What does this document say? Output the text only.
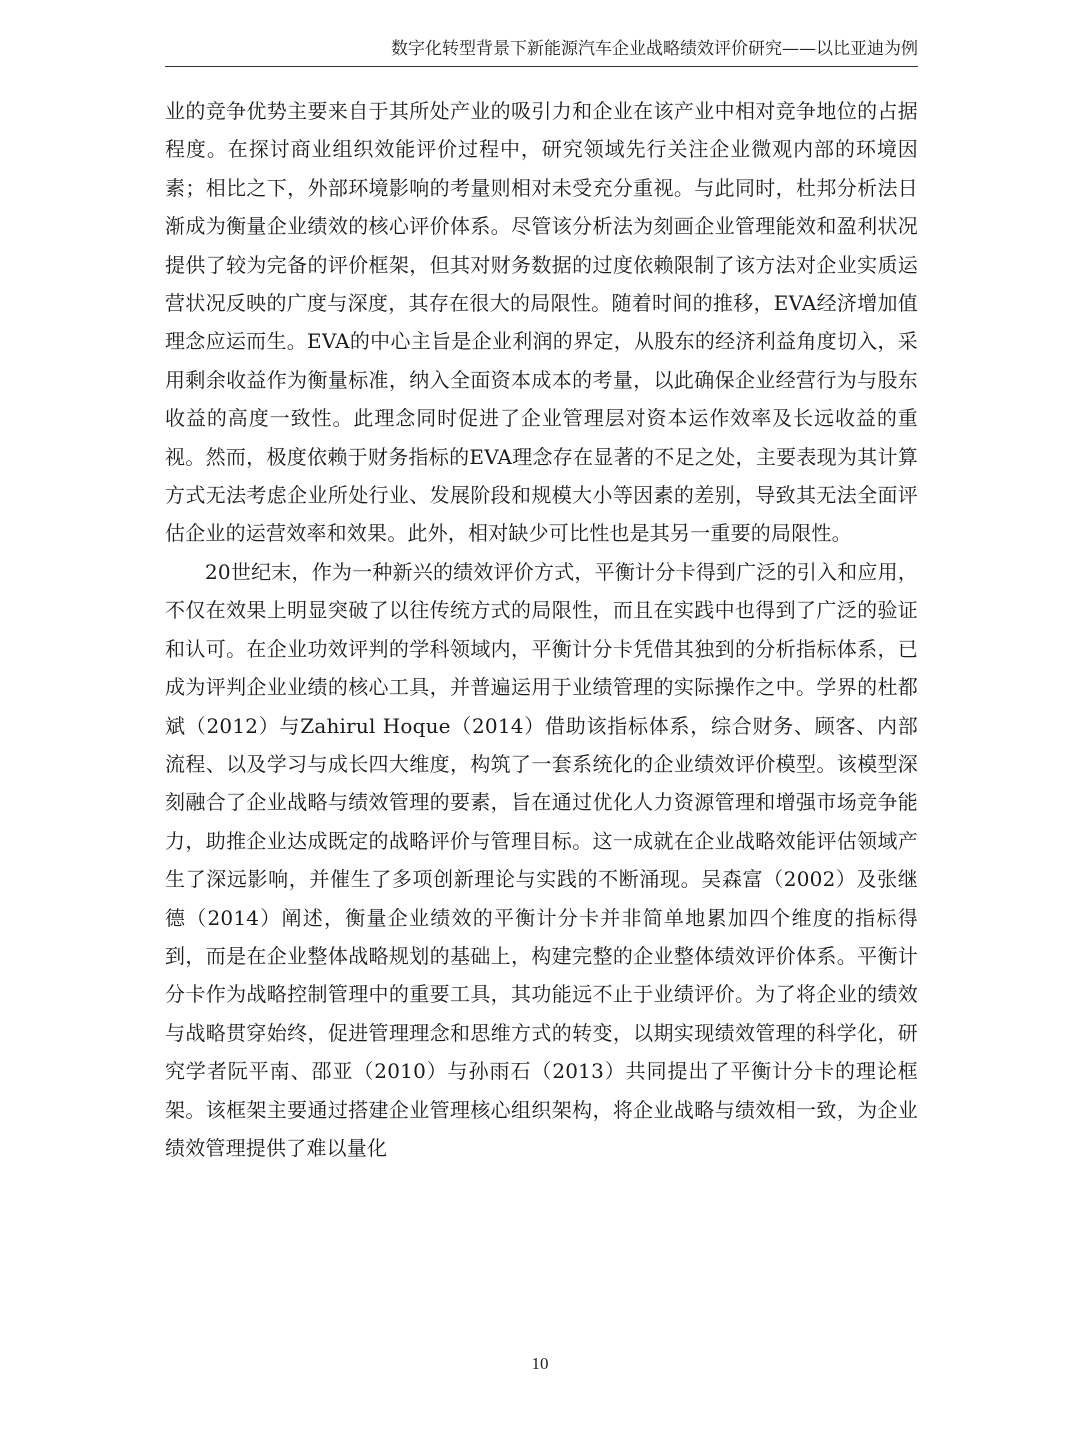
数字化转型背景下新能源汽车企业战略绩效评价研究——以比亚迪为例

业的竞争优势主要来自于其所处产业的吸引力和企业在该产业中相对竞争地位的占据程度。在探讨商业组织效能评价过程中，研究领域先行关注企业微观内部的环境因素；相比之下，外部环境影响的考量则相对未受充分重视。与此同时，杜邦分析法日渐成为衡量企业绩效的核心评价体系。尽管该分析法为刻画企业管理能效和盈利状况提供了较为完备的评价框架，但其对财务数据的过度依赖限制了该方法对企业实质运营状况反映的广度与深度，其存在很大的局限性。随着时间的推移，EVA经济增加值理念应运而生。EVA的中心主旨是企业利润的界定，从股东的经济利益角度切入，采用剩余收益作为衡量标准，纳入全面资本成本的考量，以此确保企业经营行为与股东收益的高度一致性。此理念同时促进了企业管理层对资本运作效率及长远收益的重视。然而，极度依赖于财务指标的EVA理念存在显著的不足之处，主要表现为其计算方式无法考虑企业所处行业、发展阶段和规模大小等因素的差别，导致其无法全面评估企业的运营效率和效果。此外，相对缺少可比性也是其另一重要的局限性。

20世纪末，作为一种新兴的绩效评价方式，平衡计分卡得到广泛的引入和应用，不仅在效果上明显突破了以往传统方式的局限性，而且在实践中也得到了广泛的验证和认可。在企业功效评判的学科领域内，平衡计分卡凭借其独到的分析指标体系，已成为评判企业业绩的核心工具，并普遍运用于业绩管理的实际操作之中。学界的杜都斌（2012）与Zahirul Hoque（2014）借助该指标体系，综合财务、顾客、内部流程、以及学习与成长四大维度，构筑了一套系统化的企业绩效评价模型。该模型深刻融合了企业战略与绩效管理的要素，旨在通过优化人力资源管理和增强市场竞争能力，助推企业达成既定的战略评价与管理目标。这一成就在企业战略效能评估领域产生了深远影响，并催生了多项创新理论与实践的不断涌现。吴森富（2002）及张继德（2014）阐述，衡量企业绩效的平衡计分卡并非简单地累加四个维度的指标得到，而是在企业整体战略规划的基础上，构建完整的企业整体绩效评价体系。平衡计分卡作为战略控制管理中的重要工具，其功能远不止于业绩评价。为了将企业的绩效与战略贯穿始终，促进管理理念和思维方式的转变，以期实现绩效管理的科学化，研究学者阮平南、邵亚（2010）与孙雨石（2013）共同提出了平衡计分卡的理论框架。该框架主要通过搭建企业管理核心组织架构，将企业战略与绩效相一致，为企业绩效管理提供了难以量化

10
